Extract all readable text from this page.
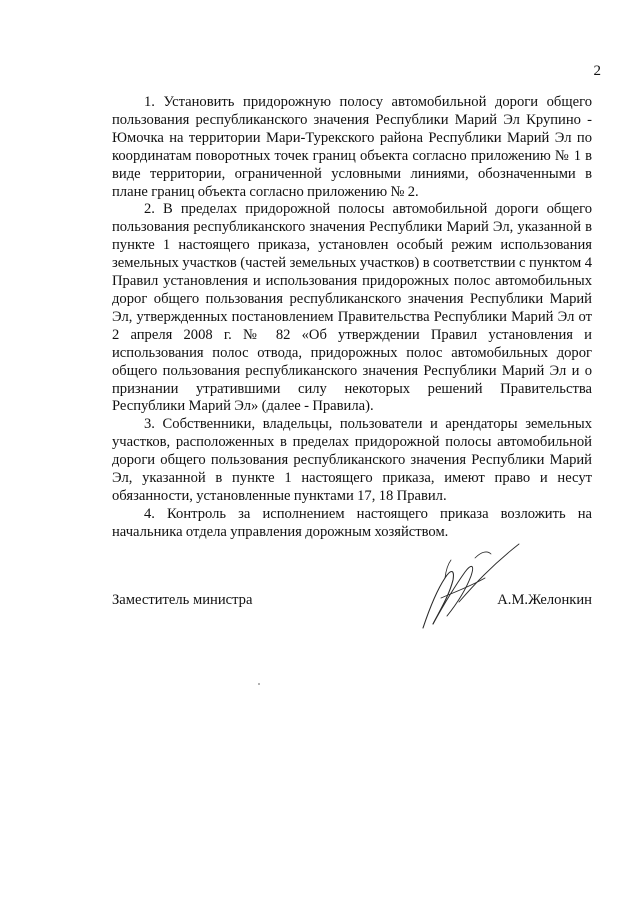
2

1. Установить придорожную полосу автомобильной дороги общего пользования республиканского значения Республики Марий Эл Крупино - Юмочка на территории Мари-Турекского района Республики Марий Эл по координатам поворотных точек границ объекта согласно приложению № 1 в виде территории, ограниченной условными линиями, обозначенными в плане границ объекта согласно приложению № 2.

2. В пределах придорожной полосы автомобильной дороги общего пользования республиканского значения Республики Марий Эл, указанной в пункте 1 настоящего приказа, установлен особый режим использования земельных участков (частей земельных участков) в соответствии с пунктом 4 Правил установления и использования придорожных полос автомобильных дорог общего пользования республиканского значения Республики Марий Эл, утвержденных постановлением Правительства Республики Марий Эл от 2 апреля 2008 г. № 82 «Об утверждении Правил установления и использования полос отвода, придорожных полос автомобильных дорог общего пользования республиканского значения Республики Марий Эл и о признании утратившими силу некоторых решений Правительства Республики Марий Эл» (далее - Правила).

3. Собственники, владельцы, пользователи и арендаторы земельных участков, расположенных в пределах придорожной полосы автомобильной дороги общего пользования республиканского значения Республики Марий Эл, указанной в пункте 1 настоящего приказа, имеют право и несут обязанности, установленные пунктами 17, 18 Правил.

4. Контроль за исполнением настоящего приказа возложить на начальника отдела управления дорожным хозяйством.

Заместитель министра	А.М.Желонкин
